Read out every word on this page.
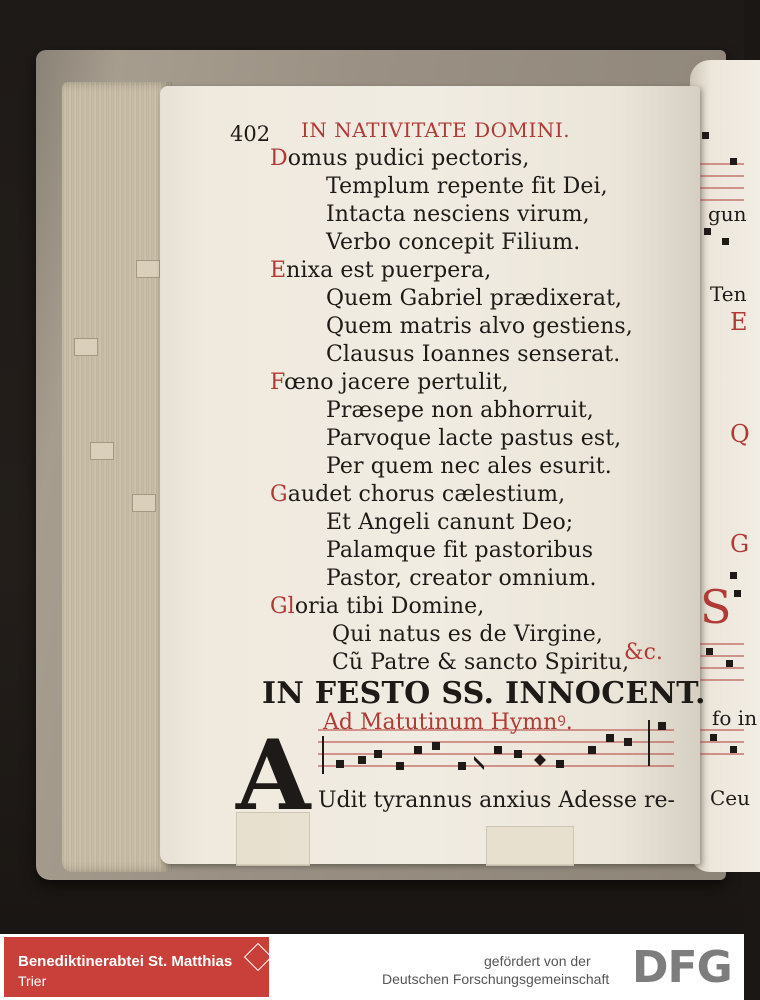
402 IN NATIVITATE DOMINI.
Domus pudici pectoris,
Templum repente fit Dei,
Intacta nesciens virum,
Verbo concepit Filium.
Enixa est puerpera,
Quem Gabriel prædixerat,
Quem matris alvo gestiens,
Clausus Ioannes senserat.
Fœno jacere pertulit,
Præsepe non abhorruit,
Parvoque lacte pastus est,
Per quem nec ales esurit.
Gaudet chorus cælestium,
Et Angeli canunt Deo;
Palamque fit pastoribus
Pastor, creator omnium.
Gloria tibi Domine,
Qui natus es de Virgine,
Cũ Patre & sancto Spiritu,
&c.
IN FESTO SS. INNOCENT.
Ad Matutinum Hymnꝰ.
A Udit tyrannus anxius Adesse re-
gun
Ten
fo in
Ceu
E
Q
G
S
Benediktinerabtei St. Matthias
Trier
gefördert von der
Deutschen Forschungsgemeinschaft DFG
